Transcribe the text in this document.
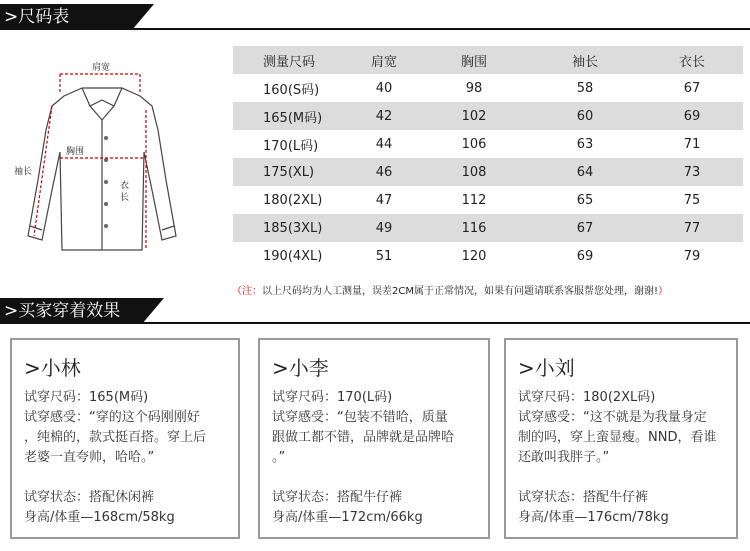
>尺码表
肩宽
胸围
袖长
衣
长
测量尺码	肩宽	胸围	袖长	衣长
160(S码)	40	98	58	67
165(M码)	42	102	60	69
170(L码)	44	106	63	71
175(XL)	46	108	64	73
180(2XL)	47	112	65	75
185(3XL)	49	116	67	77
190(4XL)	51	120	69	79
（注：以上尺码均为人工测量，误差2CM属于正常情况，如果有问题请联系客服帮您处理，谢谢!）
>买家穿着效果
>小林
试穿尺码：165(M码)
试穿感受：“穿的这个码刚刚好
，纯棉的，款式挺百搭。穿上后
老婆一直夸帅，哈哈。”
试穿状态：搭配休闲裤
身高/体重—168cm/58kg
>小李
试穿尺码：170(L码)
试穿感受：“包装不错哈，质量
跟做工都不错，品牌就是品牌哈
。”
试穿状态：搭配牛仔裤
身高/体重—172cm/66kg
>小刘
试穿尺码：180(2XL码)
试穿感受：“这不就是为我量身定
制的吗，穿上蛮显瘦。NND，看谁
还敢叫我胖子。”
试穿状态：搭配牛仔裤
身高/体重—176cm/78kg
